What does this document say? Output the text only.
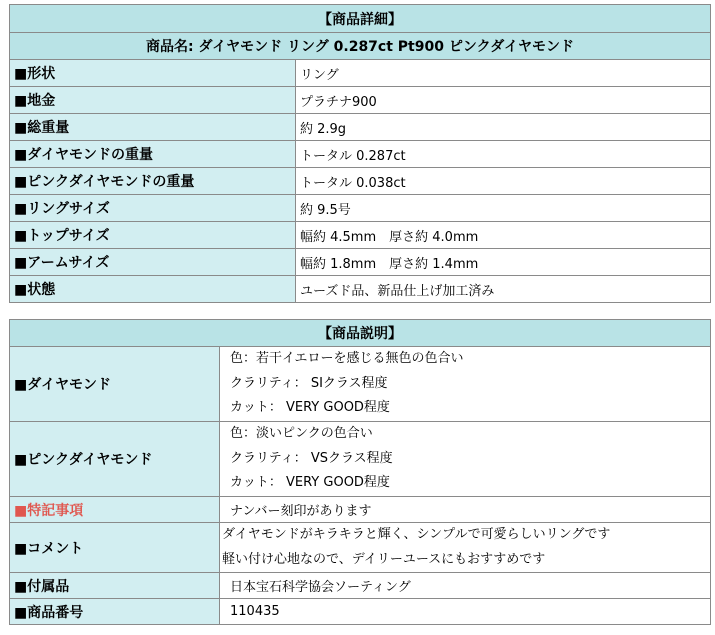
【商品詳細】	
商品名: ダイヤモンド リング 0.287ct Pt900 ピンクダイヤモンド	
■形状	リング
■地金	プラチナ900
■総重量	約 2.9g
■ダイヤモンドの重量	トータル 0.287ct
■ピンクダイヤモンドの重量	トータル 0.038ct
■リングサイズ	約 9.5号
■トップサイズ	幅約 4.5mm　厚さ約 4.0mm
■アームサイズ	幅約 1.8mm　厚さ約 1.4mm
■状態	ユーズド品、新品仕上げ加工済み
【商品説明】	
■ダイヤモンド	色：若干イエローを感じる無色の色合い
クラリティ： SIクラス程度
カット： VERY GOOD程度

■ピンクダイヤモンド	色：淡いピンクの色合い
クラリティ： VSクラス程度
カット： VERY GOOD程度

■特記事項	ナンバー刻印があります
■コメント	ダイヤモンドがキラキラと輝く、シンプルで可愛らしいリングです
軽い付け心地なので、デイリーユースにもおすすめです

■付属品	日本宝石科学協会ソーティング
■商品番号	110435
